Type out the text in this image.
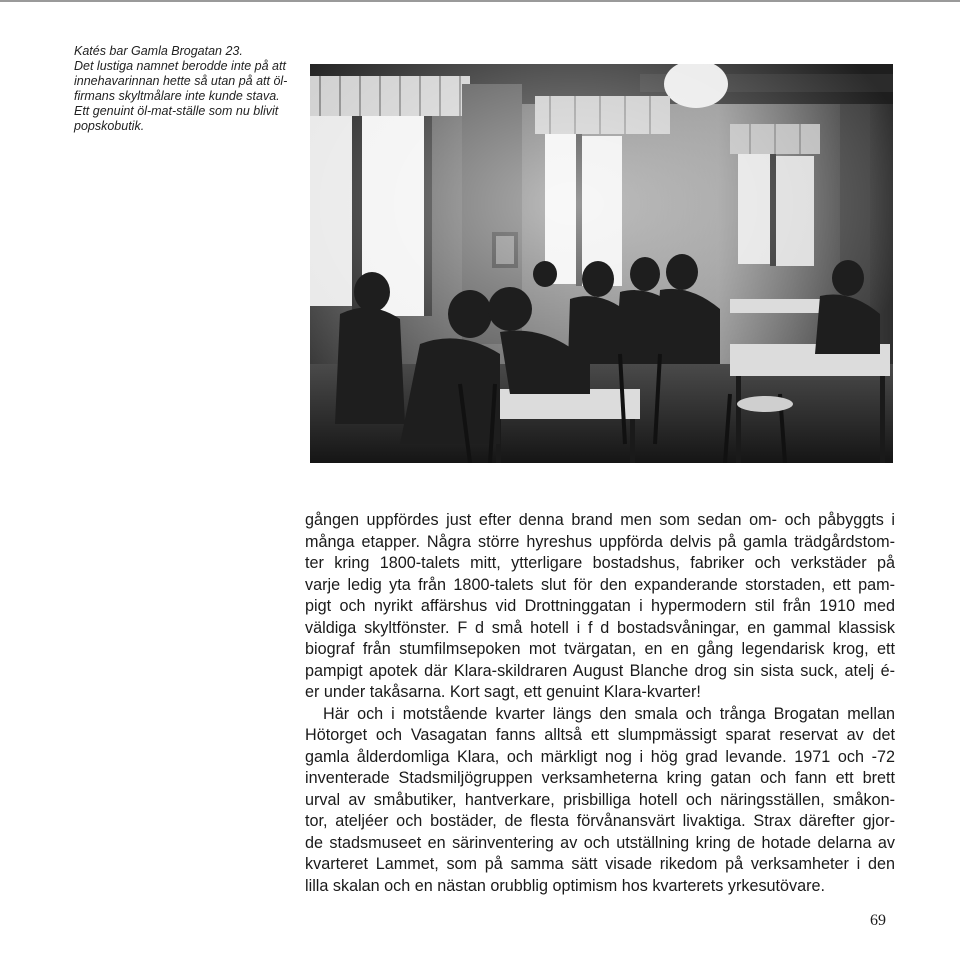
Katés bar Gamla Brogatan 23.
Det lustiga namnet berodde inte på att
innehavarinnan hette så utan på att öl-
firmans skyltmålare inte kunde stava.
Ett genuint öl-mat-ställe som nu blivit
popskobutik.
gången uppfördes just efter denna brand men som sedan om- och påbyggts i
många etapper. Några större hyreshus uppförda delvis på gamla trädgårdstom-
ter kring 1800-talets mitt, ytterligare bostadshus, fabriker och verkstäder på
varje ledig yta från 1800-talets slut för den expanderande storstaden, ett pam-
pigt och nyrikt affärshus vid Drottninggatan i hypermodern stil från 1910 med
väldiga skyltfönster. F d små hotell i f d bostadsvåningar, en gammal klassisk
biograf från stumfilmsepoken mot tvärgatan, en en gång legendarisk krog, ett
pampigt apotek där Klara-skildraren August Blanche drog sin sista suck, atelj é-
er under takåsarna. Kort sagt, ett genuint Klara-kvarter!
Här och i motstående kvarter längs den smala och trånga Brogatan mellan
Hötorget och Vasagatan fanns alltså ett slumpmässigt sparat reservat av det
gamla ålderdomliga Klara, och märkligt nog i hög grad levande. 1971 och -72
inventerade Stadsmiljögruppen verksamheterna kring gatan och fann ett brett
urval av småbutiker, hantverkare, prisbilliga hotell och näringsställen, småkon-
tor, ateljéer och bostäder, de flesta förvånansvärt livaktiga. Strax därefter gjor-
de stadsmuseet en särinventering av och utställning kring de hotade delarna av
kvarteret Lammet, som på samma sätt visade rikedom på verksamheter i den
lilla skalan och en nästan orubblig optimism hos kvarterets yrkesutövare.
69
